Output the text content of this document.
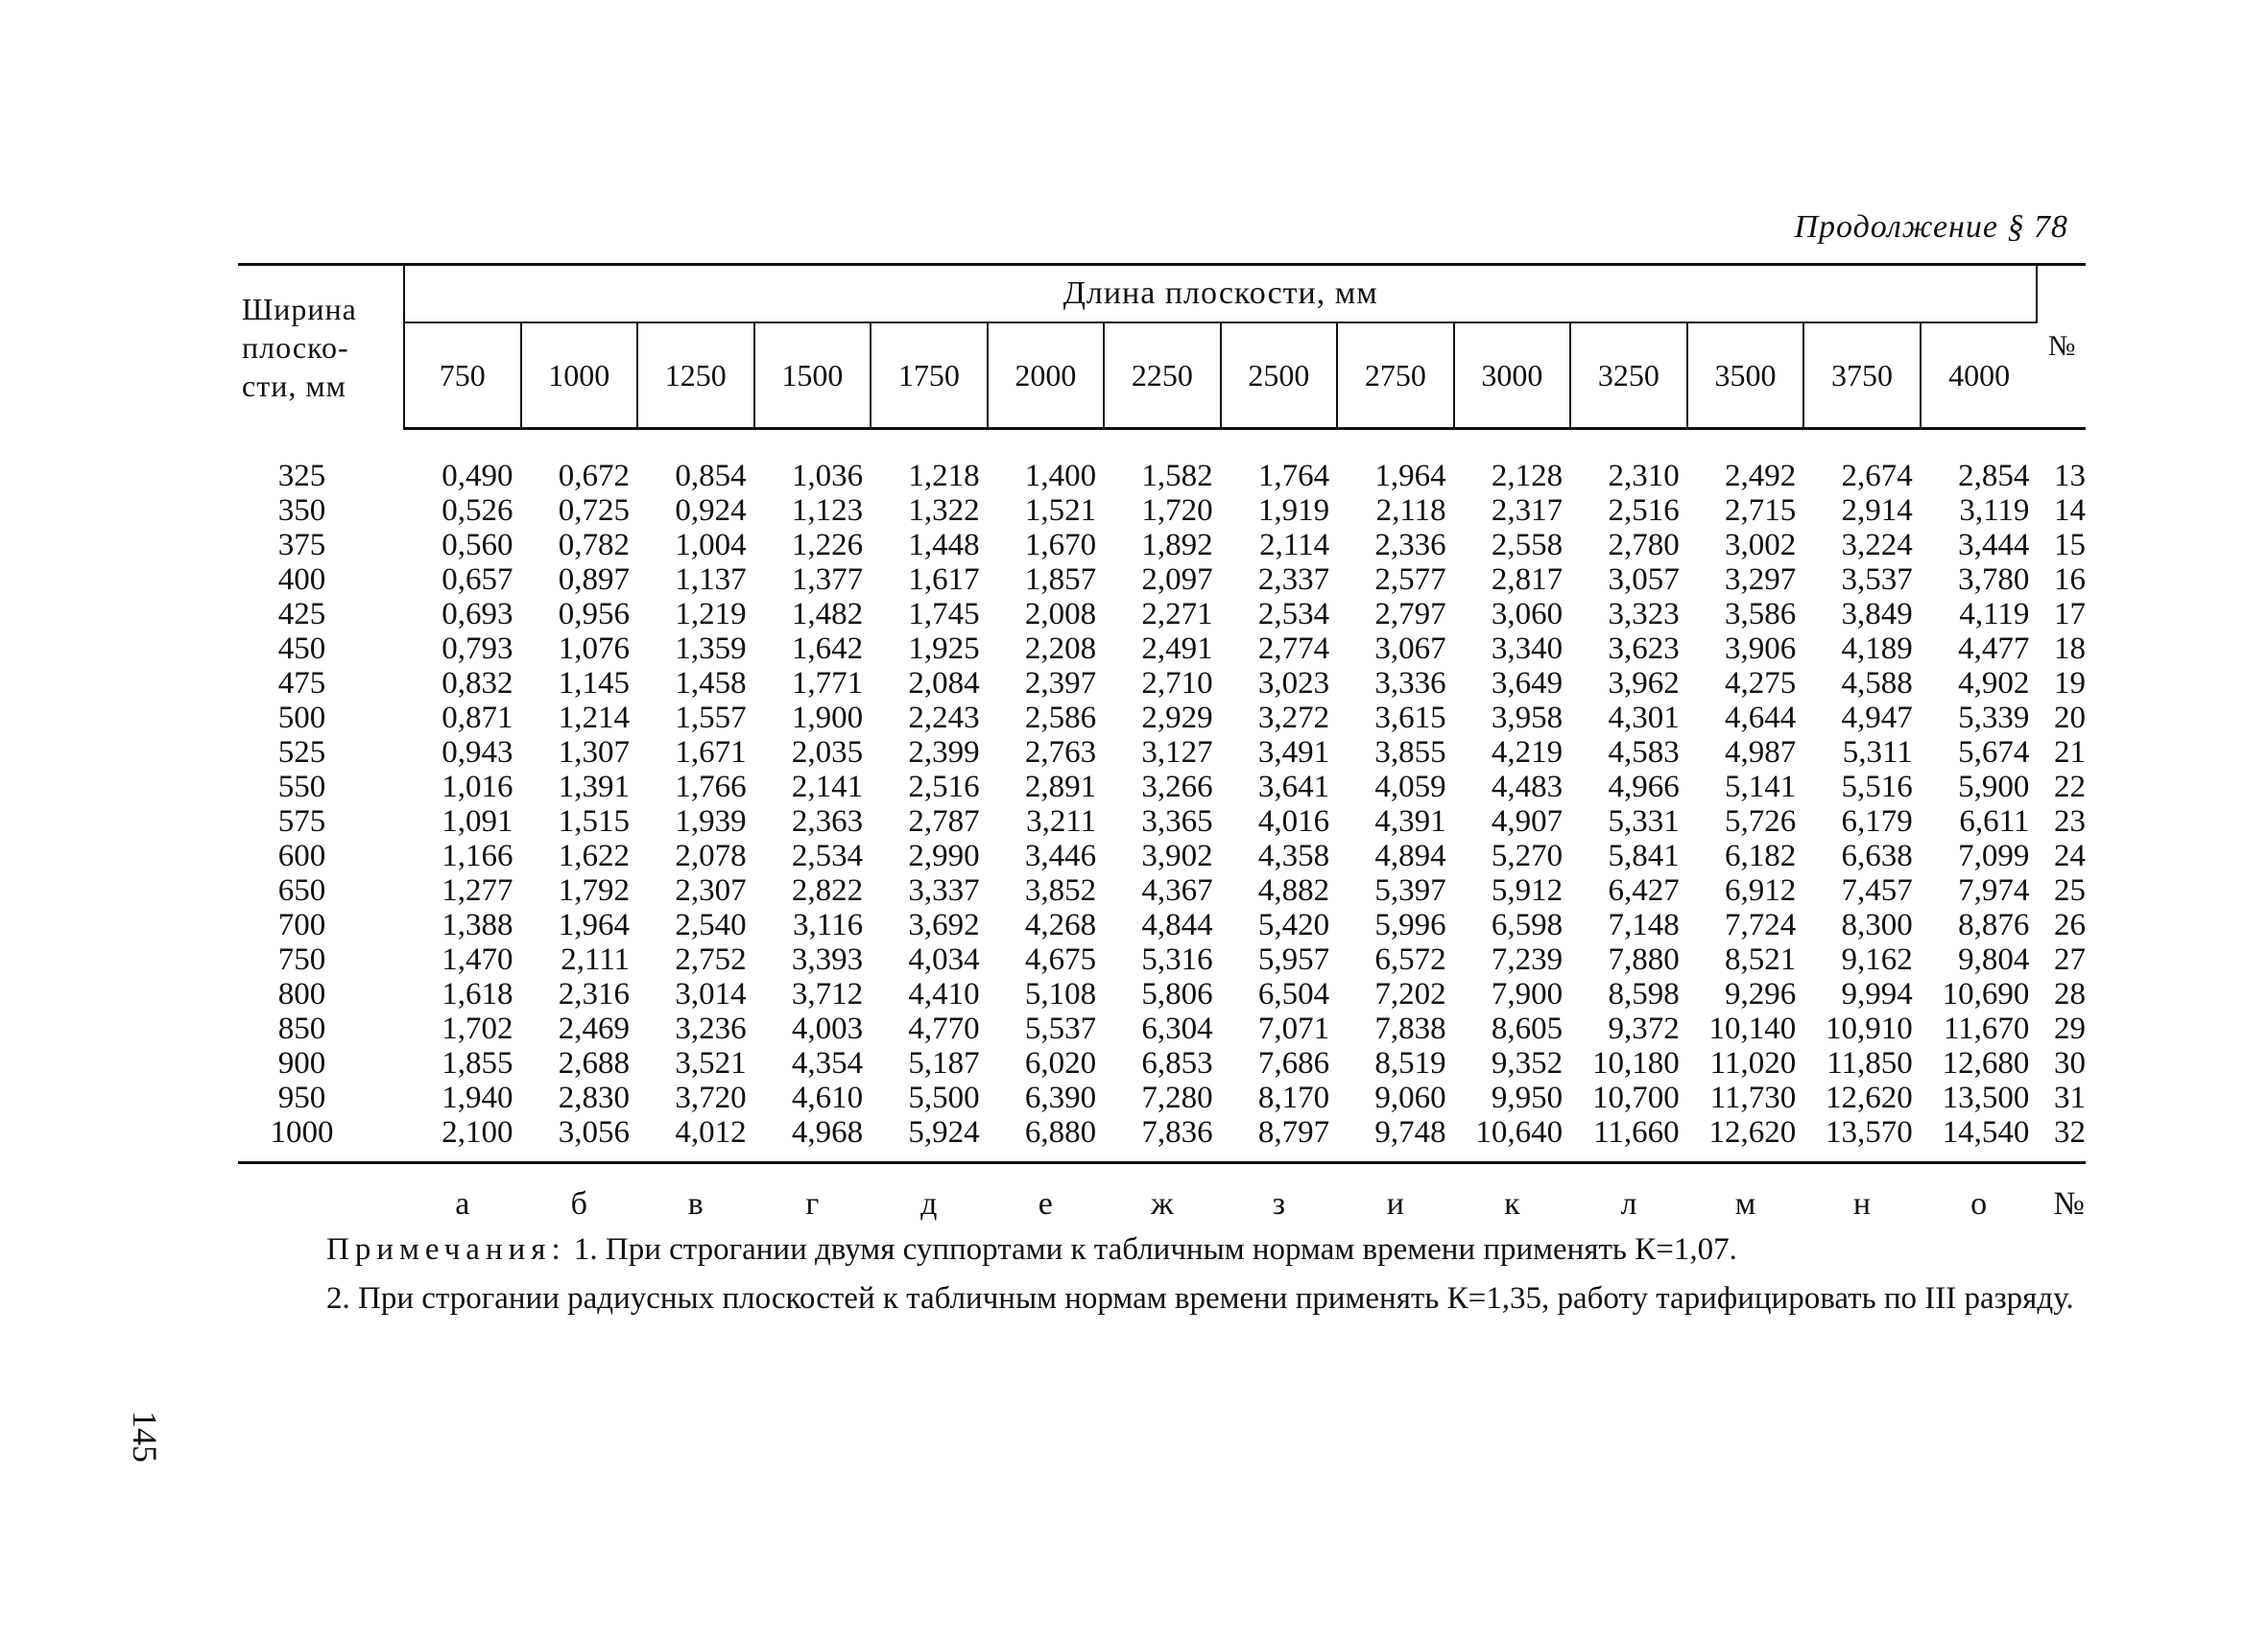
Продолжение § 78
Ширина плоско-сти, мм	Длина плоскости, мм														№
	750	1000	1250	1500	1750	2000	2250	2500	2750	3000	3250	3500	3750	4000	

325	0,490	0,672	0,854	1,036	1,218	1,400	1,582	1,764	1,964	2,128	2,310	2,492	2,674	2,854	13
350	0,526	0,725	0,924	1,123	1,322	1,521	1,720	1,919	2,118	2,317	2,516	2,715	2,914	3,119	14
375	0,560	0,782	1,004	1,226	1,448	1,670	1,892	2,114	2,336	2,558	2,780	3,002	3,224	3,444	15
400	0,657	0,897	1,137	1,377	1,617	1,857	2,097	2,337	2,577	2,817	3,057	3,297	3,537	3,780	16
425	0,693	0,956	1,219	1,482	1,745	2,008	2,271	2,534	2,797	3,060	3,323	3,586	3,849	4,119	17
450	0,793	1,076	1,359	1,642	1,925	2,208	2,491	2,774	3,067	3,340	3,623	3,906	4,189	4,477	18
475	0,832	1,145	1,458	1,771	2,084	2,397	2,710	3,023	3,336	3,649	3,962	4,275	4,588	4,902	19
500	0,871	1,214	1,557	1,900	2,243	2,586	2,929	3,272	3,615	3,958	4,301	4,644	4,947	5,339	20
525	0,943	1,307	1,671	2,035	2,399	2,763	3,127	3,491	3,855	4,219	4,583	4,987	5,311	5,674	21
550	1,016	1,391	1,766	2,141	2,516	2,891	3,266	3,641	4,059	4,483	4,966	5,141	5,516	5,900	22
575	1,091	1,515	1,939	2,363	2,787	3,211	3,365	4,016	4,391	4,907	5,331	5,726	6,179	6,611	23
600	1,166	1,622	2,078	2,534	2,990	3,446	3,902	4,358	4,894	5,270	5,841	6,182	6,638	7,099	24
650	1,277	1,792	2,307	2,822	3,337	3,852	4,367	4,882	5,397	5,912	6,427	6,912	7,457	7,974	25
700	1,388	1,964	2,540	3,116	3,692	4,268	4,844	5,420	5,996	6,598	7,148	7,724	8,300	8,876	26
750	1,470	2,111	2,752	3,393	4,034	4,675	5,316	5,957	6,572	7,239	7,880	8,521	9,162	9,804	27
800	1,618	2,316	3,014	3,712	4,410	5,108	5,806	6,504	7,202	7,900	8,598	9,296	9,994	10,690	28
850	1,702	2,469	3,236	4,003	4,770	5,537	6,304	7,071	7,838	8,605	9,372	10,140	10,910	11,670	29
900	1,855	2,688	3,521	4,354	5,187	6,020	6,853	7,686	8,519	9,352	10,180	11,020	11,850	12,680	30
950	1,940	2,830	3,720	4,610	5,500	6,390	7,280	8,170	9,060	9,950	10,700	11,730	12,620	13,500	31
1000	2,100	3,056	4,012	4,968	5,924	6,880	7,836	8,797	9,748	10,640	11,660	12,620	13,570	14,540	32
	а	б	в	г	д	е	ж	з	и	к	л	м	н	о	№

Примечания: 1. При строгании двумя суппортами к табличным нормам времени применять К=1,07.

2. При строгании радиусных плоскостей к табличным нормам времени применять К=1,35, работу тарифицировать по III разряду.

145
